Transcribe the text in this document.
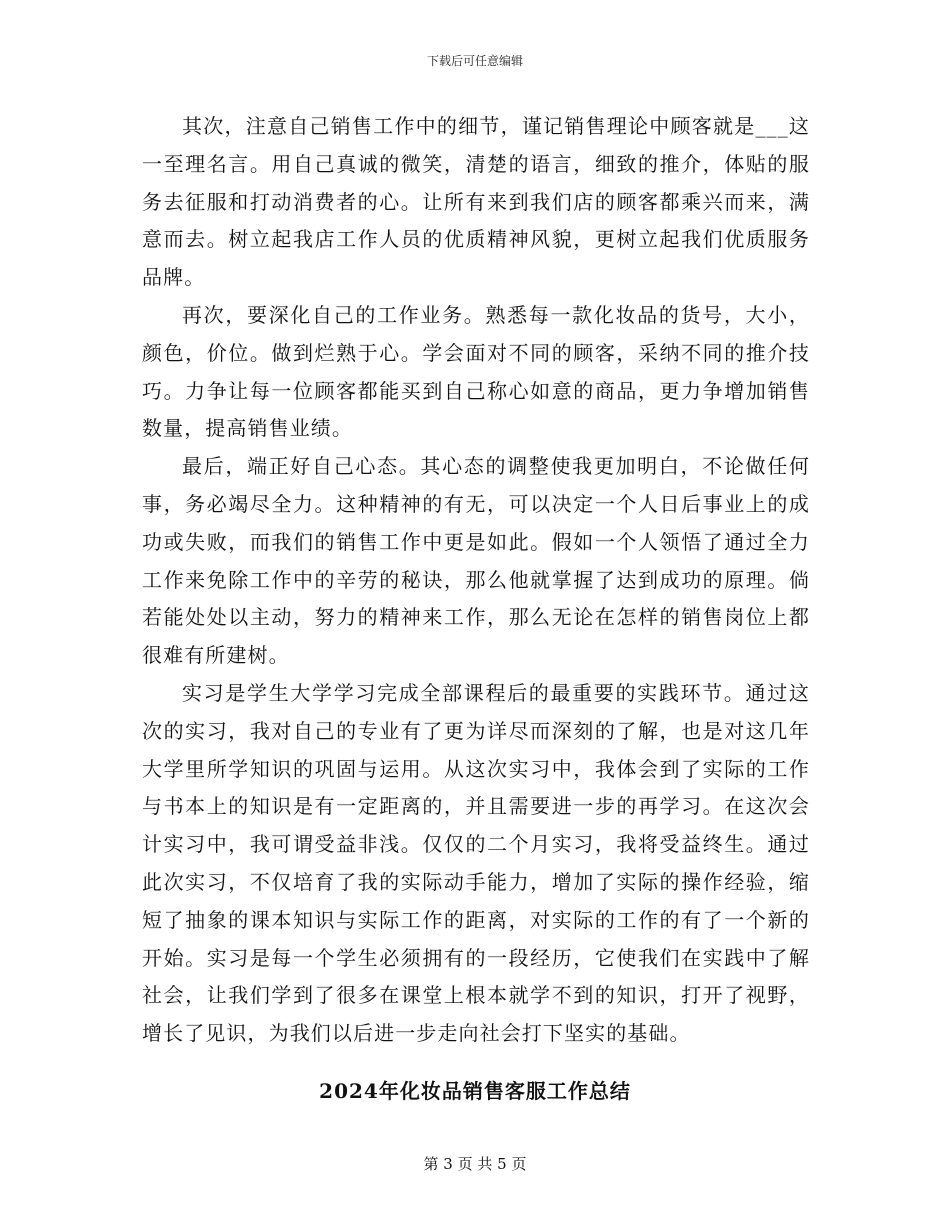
下载后可任意编辑

其次，注意自己销售工作中的细节，谨记销售理论中顾客就是___这一至理名言。用自己真诚的微笑，清楚的语言，细致的推介，体贴的服务去征服和打动消费者的心。让所有来到我们店的顾客都乘兴而来，满意而去。树立起我店工作人员的优质精神风貌，更树立起我们优质服务品牌。

再次，要深化自己的工作业务。熟悉每一款化妆品的货号，大小，颜色，价位。做到烂熟于心。学会面对不同的顾客，采纳不同的推介技巧。力争让每一位顾客都能买到自己称心如意的商品，更力争增加销售数量，提高销售业绩。

最后，端正好自己心态。其心态的调整使我更加明白，不论做任何事，务必竭尽全力。这种精神的有无，可以决定一个人日后事业上的成功或失败，而我们的销售工作中更是如此。假如一个人领悟了通过全力工作来免除工作中的辛劳的秘诀，那么他就掌握了达到成功的原理。倘若能处处以主动，努力的精神来工作，那么无论在怎样的销售岗位上都很难有所建树。

实习是学生大学学习完成全部课程后的最重要的实践环节。通过这次的实习，我对自己的专业有了更为详尽而深刻的了解，也是对这几年大学里所学知识的巩固与运用。从这次实习中，我体会到了实际的工作与书本上的知识是有一定距离的，并且需要进一步的再学习。在这次会计实习中，我可谓受益非浅。仅仅的二个月实习，我将受益终生。通过此次实习，不仅培育了我的实际动手能力，增加了实际的操作经验，缩短了抽象的课本知识与实际工作的距离，对实际的工作的有了一个新的开始。实习是每一个学生必须拥有的一段经历，它使我们在实践中了解社会，让我们学到了很多在课堂上根本就学不到的知识，打开了视野，增长了见识，为我们以后进一步走向社会打下坚实的基础。

2024年化妆品销售客服工作总结
第 3 页 共 5 页
